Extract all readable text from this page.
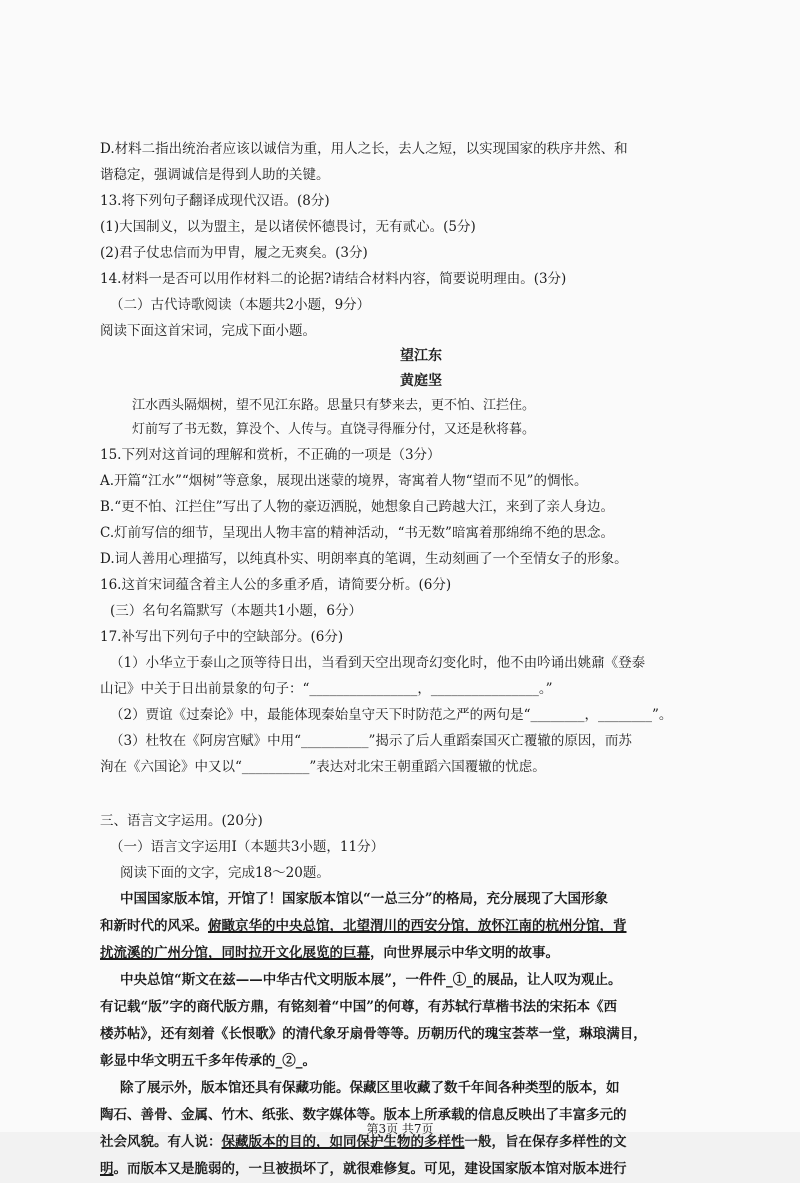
D.材料二指出统治者应该以诚信为重，用人之长，去人之短，以实现国家的秩序井然、和
谐稳定，强调诚信是得到人助的关键。
13.将下列句子翻译成现代汉语。(8分)
(1)大国制义，以为盟主，是以诸侯怀德畏讨，无有贰心。(5分)
(2)君子仗忠信而为甲胄，履之无爽矣。(3分)
14.材料一是否可以用作材料二的论据?请结合材料内容，简要说明理由。(3分)
（二）古代诗歌阅读（本题共2小题，9分）
阅读下面这首宋词，完成下面小题。
望江东
黄庭坚
江水西头隔烟树，望不见江东路。思量只有梦来去，更不怕、江拦住。
灯前写了书无数，算没个、人传与。直饶寻得雁分付，又还是秋将暮。
15.下列对这首词的理解和赏析，不正确的一项是（3分）
A.开篇“江水”“烟树”等意象，展现出迷蒙的境界，寄寓着人物“望而不见”的惆怅。
B.“更不怕、江拦住”写出了人物的豪迈洒脱，她想象自己跨越大江，来到了亲人身边。
C.灯前写信的细节，呈现出人物丰富的精神活动，“书无数”暗寓着那绵绵不绝的思念。
D.词人善用心理描写，以纯真朴实、明朗率真的笔调，生动刻画了一个至情女子的形象。
16.这首宋词蕴含着主人公的多重矛盾，请简要分析。(6分)
(三）名句名篇默写（本题共1小题，6分）
17.补写出下列句子中的空缺部分。(6分)
（1）小华立于泰山之顶等待日出，当看到天空出现奇幻变化时，他不由吟诵出姚鼐《登泰
山记》中关于日出前景象的句子：“________________，________________。”
（2）贾谊《过秦论》中，最能体现秦始皇守天下时防范之严的两句是“________，________”。
（3）杜牧在《阿房宫赋》中用“__________”揭示了后人重蹈秦国灭亡覆辙的原因，而苏
洵在《六国论》中又以“__________”表达对北宋王朝重蹈六国覆辙的忧虑。
三、语言文字运用。(20分)
（一）语言文字运用Ⅰ（本题共3小题，11分）
阅读下面的文字，完成18～20题。
中国国家版本馆，开馆了！国家版本馆以“一总三分”的格局，充分展现了大国形象
和新时代的风采。俯瞰京华的中央总馆，北望渭川的西安分馆，放怀江南的杭州分馆，背
扰流溪的广州分馆，同时拉开文化展览的巨幕，向世界展示中华文明的故事。
中央总馆“斯文在兹——中华古代文明版本展”，一件件_①_的展品，让人叹为观止。
有记载“版”字的商代版方鼎，有铭刻着“中国”的何尊，有苏轼行草楷书法的宋拓本《西
楼苏帖》，还有刻着《长恨歌》的清代象牙扇骨等等。历朝历代的瑰宝荟萃一堂，琳琅满目，
彰显中华文明五千多年传承的_②_。
除了展示外，版本馆还具有保藏功能。保藏区里收藏了数千年间各种类型的版本，如
陶石、善骨、金属、竹木、纸张、数字媒体等。版本上所承载的信息反映出了丰富多元的
社会风貌。有人说：保藏版本的目的，如同保护生物的多样性一般，旨在保存多样性的文
明。而版本又是脆弱的，一旦被损坏了，就很难修复。可见，建设国家版本馆对版本进行
第3页 共7页
